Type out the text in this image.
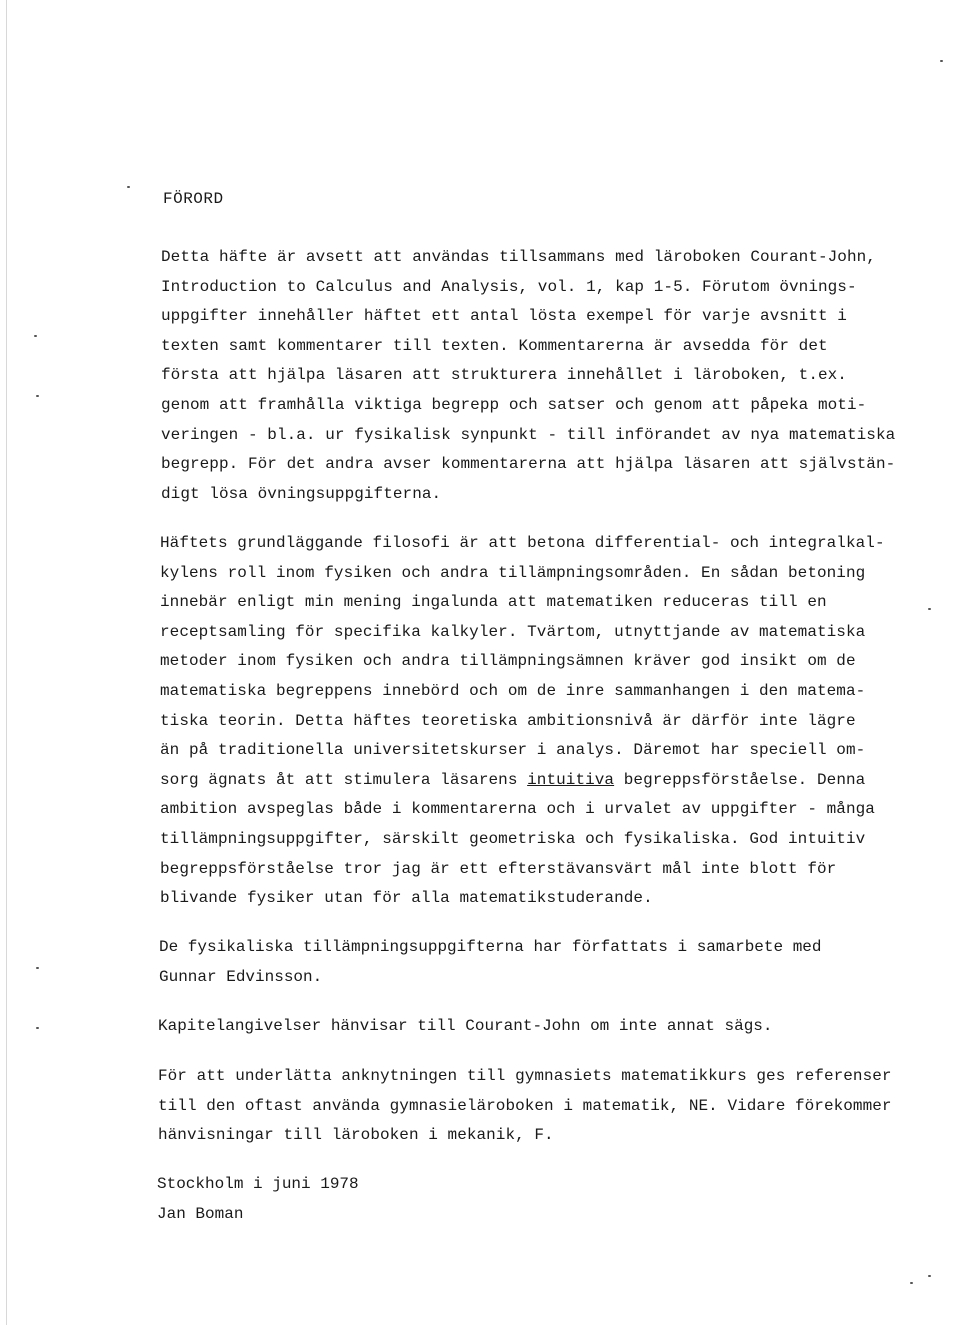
FÖRORD
Detta häfte är avsett att användas tillsammans med läroboken Courant-John,
Introduction to Calculus and Analysis, vol. 1, kap 1-5. Förutom övnings-
uppgifter innehåller häftet ett antal lösta exempel för varje avsnitt i
texten samt kommentarer till texten. Kommentarerna är avsedda för det
första att hjälpa läsaren att strukturera innehållet i läroboken, t.ex.
genom att framhålla viktiga begrepp och satser och genom att påpeka moti-
veringen - bl.a. ur fysikalisk synpunkt - till införandet av nya matematiska
begrepp. För det andra avser kommentarerna att hjälpa läsaren att självstän-
digt lösa övningsuppgifterna.
Häftets grundläggande filosofi är att betona differential- och integralkal-
kylens roll inom fysiken och andra tillämpningsområden. En sådan betoning
innebär enligt min mening ingalunda att matematiken reduceras till en
receptsamling för specifika kalkyler. Tvärtom, utnyttjande av matematiska
metoder inom fysiken och andra tillämpningsämnen kräver god insikt om de
matematiska begreppens innebörd och om de inre sammanhangen i den matema-
tiska teorin. Detta häftes teoretiska ambitionsnivå är därför inte lägre
än på traditionella universitetskurser i analys. Däremot har speciell om-
sorg ägnats åt att stimulera läsarens intuitiva begreppsförståelse. Denna
ambition avspeglas både i kommentarerna och i urvalet av uppgifter - många
tillämpningsuppgifter, särskilt geometriska och fysikaliska. God intuitiv
begreppsförståelse tror jag är ett efterstävansvärt mål inte blott för
blivande fysiker utan för alla matematikstuderande.
De fysikaliska tillämpningsuppgifterna har författats i samarbete med
Gunnar Edvinsson.
Kapitelangivelser hänvisar till Courant-John om inte annat sägs.
För att underlätta anknytningen till gymnasiets matematikkurs ges referenser
till den oftast använda gymnasieläroboken i matematik, NE. Vidare förekommer
hänvisningar till läroboken i mekanik, F.
Stockholm i juni 1978
Jan Boman
